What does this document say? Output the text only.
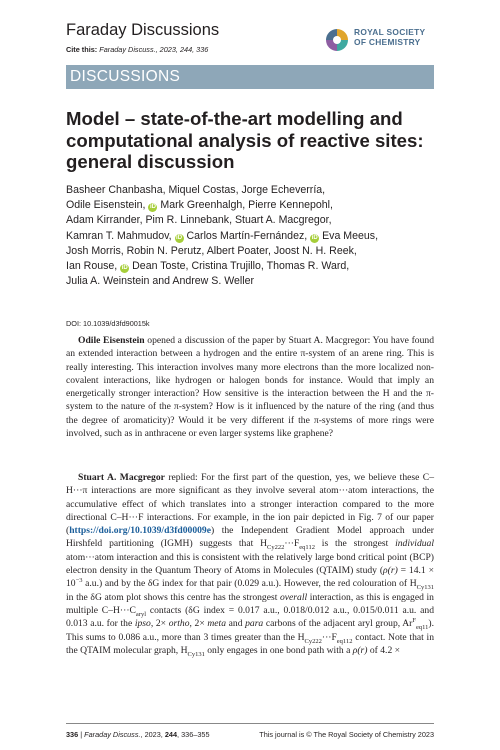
Faraday Discussions
Cite this: Faraday Discuss., 2023, 244, 336
ROYAL SOCIETY
OF CHEMISTRY
DISCUSSIONS
Model – state-of-the-art modelling and computational analysis of reactive sites: general discussion
Basheer Chanbasha, Miquel Costas, Jorge Echeverría,
Odile Eisenstein, iD Mark Greenhalgh, Pierre Kennepohl,
Adam Kirrander, Pim R. Linnebank, Stuart A. Macgregor,
Kamran T. Mahmudov, iD Carlos Martín-Fernández, iD Eva Meeus,
Josh Morris, Robin N. Perutz, Albert Poater, Joost N. H. Reek,
Ian Rouse, iD Dean Toste, Cristina Trujillo, Thomas R. Ward,
Julia A. Weinstein and Andrew S. Weller
DOI: 10.1039/d3fd90015k

Odile Eisenstein opened a discussion of the paper by Stuart A. Macgregor: You have found an extended interaction between a hydrogen and the entire π-system of an arene ring. This is really interesting. This interaction involves many more electrons than the more localized non-covalent interactions, like hydrogen or halogen bonds for instance. Would that imply an energetically stronger interaction? How sensitive is the interaction between the H and the π-system to the nature of the π-system? How is it influenced by the nature of the ring (and thus the degree of aromaticity)? Would it be very different if the π-systems of more rings were involved, such as in anthracene or even larger systems like graphene?

Stuart A. Macgregor replied: For the first part of the question, yes, we believe these C–H···π interactions are more significant as they involve several atom···atom interactions, the accumulative effect of which translates into a stronger interaction compared to the more directional C–H···F interactions. For example, in the ion pair depicted in Fig. 7 of our paper (https://doi.org/10.1039/d3fd00009e) the Independent Gradient Model approach under Hirshfeld partitioning (IGMH) suggests that $H_{Cy222}\cdot\cdot\cdot F_{eq112}$ is the strongest individual atom···atom interaction and this is consistent with the relatively large bond critical point (BCP) electron density in the Quantum Theory of Atoms in Molecules (QTAIM) study ($\rho(r) = 14.1 \times 10^{-3}$ a.u.) and by the δG index for that pair (0.029 a.u.). However, the red colouration of $H_{Cy131}$ in the δG atom plot shows this centre has the strongest overall interaction, as this is engaged in multiple $C-H\cdot\cdot\cdot C_{aryl}$ contacts (δG index = 0.017 a.u., 0.018/0.012 a.u., 0.015/0.011 a.u. and 0.013 a.u. for the ipso, 2× ortho, 2× meta and para carbons of the adjacent aryl group, $Ar^F_{eq11}$). This sums to 0.086 a.u., more than 3 times greater than the $H_{Cy222}\cdot\cdot\cdot F_{eq112}$ contact. Note that in the QTAIM molecular graph, $H_{Cy131}$ only engages in one bond path with a ρ(r) of 4.2 ×

336 | Faraday Discuss., 2023, 244, 336–355	This journal is © The Royal Society of Chemistry 2023
